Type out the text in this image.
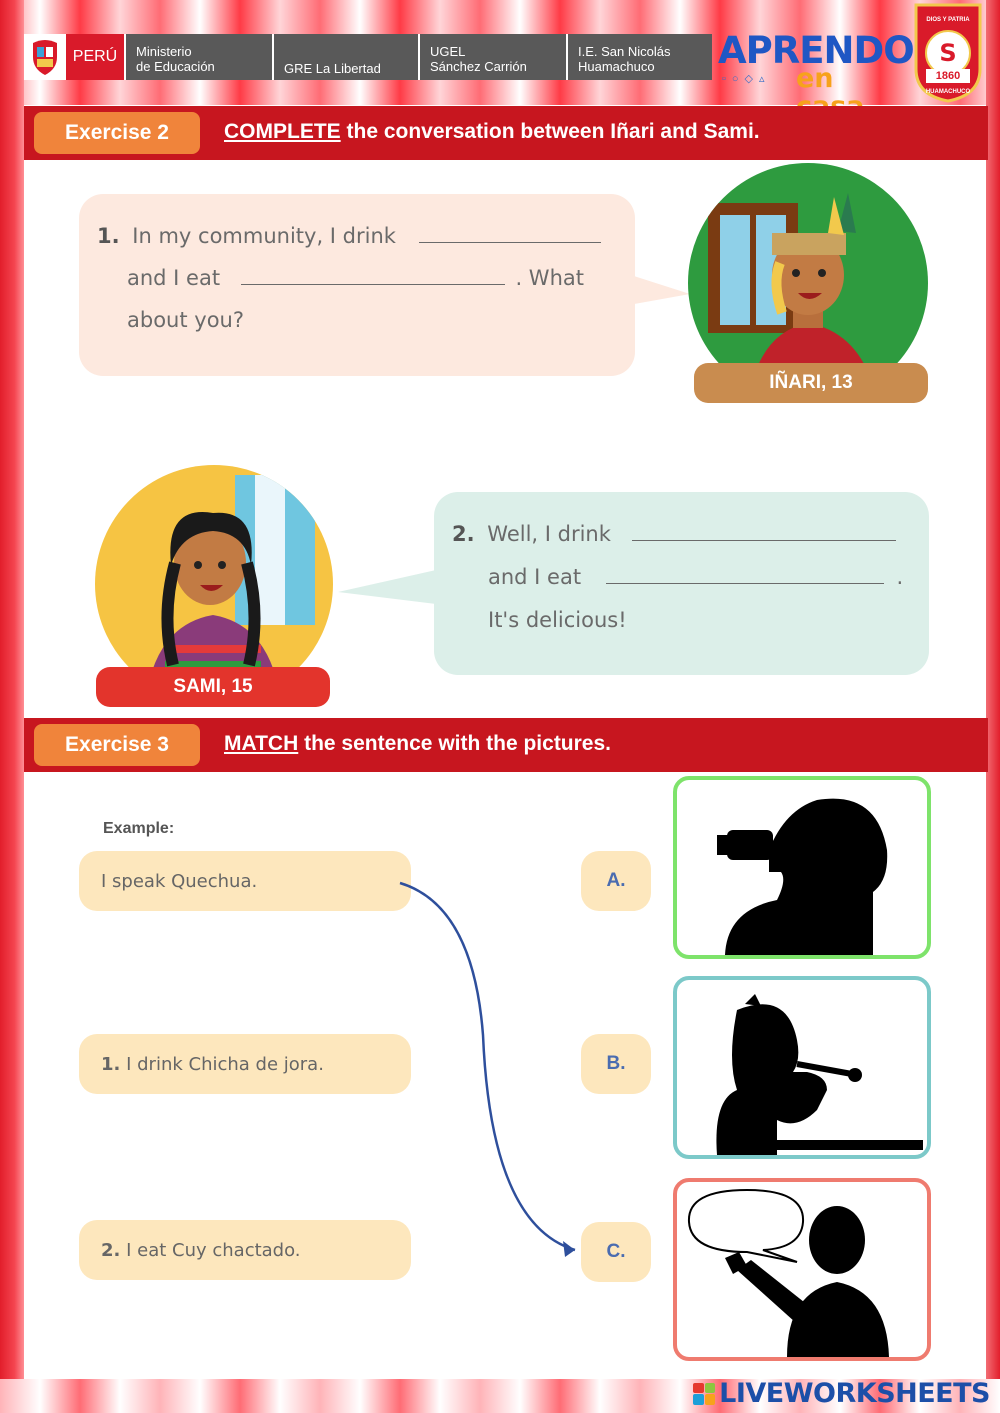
PERÚ	Ministerio
de Educación	GRE La Libertad
UGEL
Sánchez Carrión
I.E. San Nicolás
Huamachuco	APRENDO
▫○◇▵ en
S
DIOS Y PATRIA
1860
HUAMACHUCO
Exercise 2	COMPLETE the conversation between Iñari and Sami.
1. In my community, I drink
and I eat	. What
about you?
IÑARI, 13
SAMI, 15
2. Well, I drink
and I eat	.
It's delicious!
Exercise 3	MATCH the sentence with the pictures.
Example:
I speak Quechua.
1. I drink Chicha de jora.
2. I eat Cuy chactado.
A.
B.
C.
LIVEWORKSHEETS
